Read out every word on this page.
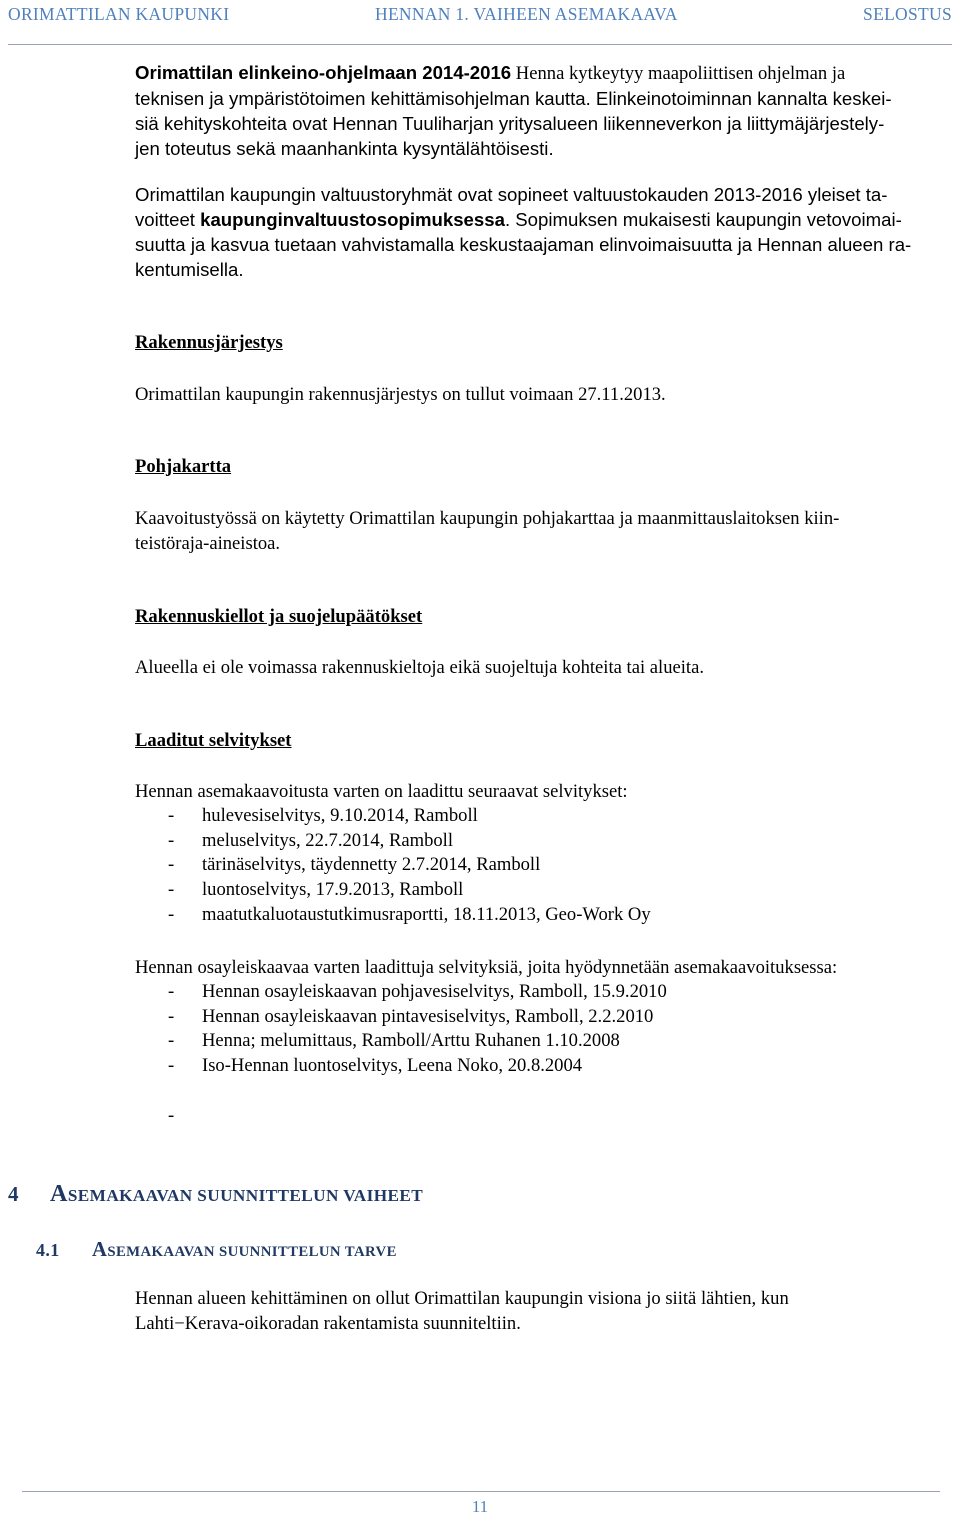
ORIMATTILAN KAUPUNKI	HENNAN 1. VAIHEEN ASEMAKAAVA	SELOSTUS
Orimattilan elinkeino-ohjelmaan 2014-2016 Henna kytkeytyy maapoliittisen ohjelman ja
teknisen ja ympäristötoimen kehittämisohjelman kautta. Elinkeinotoiminnan kannalta keskei-
siä kehityskohteita ovat Hennan Tuuliharjan yritysalueen liikenneverkon ja liittymäjärjestely-
jen toteutus sekä maanhankinta kysyntälähtöisesti.
Orimattilan kaupungin valtuustoryhmät ovat sopineet valtuustokauden 2013-2016 yleiset ta-
voitteet kaupunginvaltuustosopimuksessa. Sopimuksen mukaisesti kaupungin vetovoimai-
suutta ja kasvua tuetaan vahvistamalla keskustaajaman elinvoimaisuutta ja Hennan alueen ra-
kentumisella.
Rakennusjärjestys
Orimattilan kaupungin rakennusjärjestys on tullut voimaan 27.11.2013.
Pohjakartta
Kaavoitustyössä on käytetty Orimattilan kaupungin pohjakarttaa ja maanmittauslaitoksen kiin-
teistöraja-aineistoa.
Rakennuskiellot ja suojelupäätökset
Alueella ei ole voimassa rakennuskieltoja eikä suojeltuja kohteita tai alueita.
Laaditut selvitykset
Hennan asemakaavoitusta varten on laadittu seuraavat selvitykset:
- hulevesiselvitys, 9.10.2014, Ramboll
- meluselvitys, 22.7.2014, Ramboll
- tärinäselvitys, täydennetty 2.7.2014, Ramboll
- luontoselvitys, 17.9.2013, Ramboll
- maatutkaluotaustutkimusraportti, 18.11.2013, Geo-Work Oy
Hennan osayleiskaavaa varten laadittuja selvityksiä, joita hyödynnetään asemakaavoituksessa:
- Hennan osayleiskaavan pohjavesiselvitys, Ramboll, 15.9.2010
- Hennan osayleiskaavan pintavesiselvitys, Ramboll, 2.2.2010
- Henna; melumittaus, Ramboll/Arttu Ruhanen 1.10.2008
- Iso-Hennan luontoselvitys, Leena Noko, 20.8.2004
-
4 ASEMAKAAVAN SUUNNITTELUN VAIHEET
4.1 ASEMAKAAVAN SUUNNITTELUN TARVE
Hennan alueen kehittäminen on ollut Orimattilan kaupungin visiona jo siitä lähtien, kun
Lahti−Kerava-oikoradan rakentamista suunniteltiin.
11
